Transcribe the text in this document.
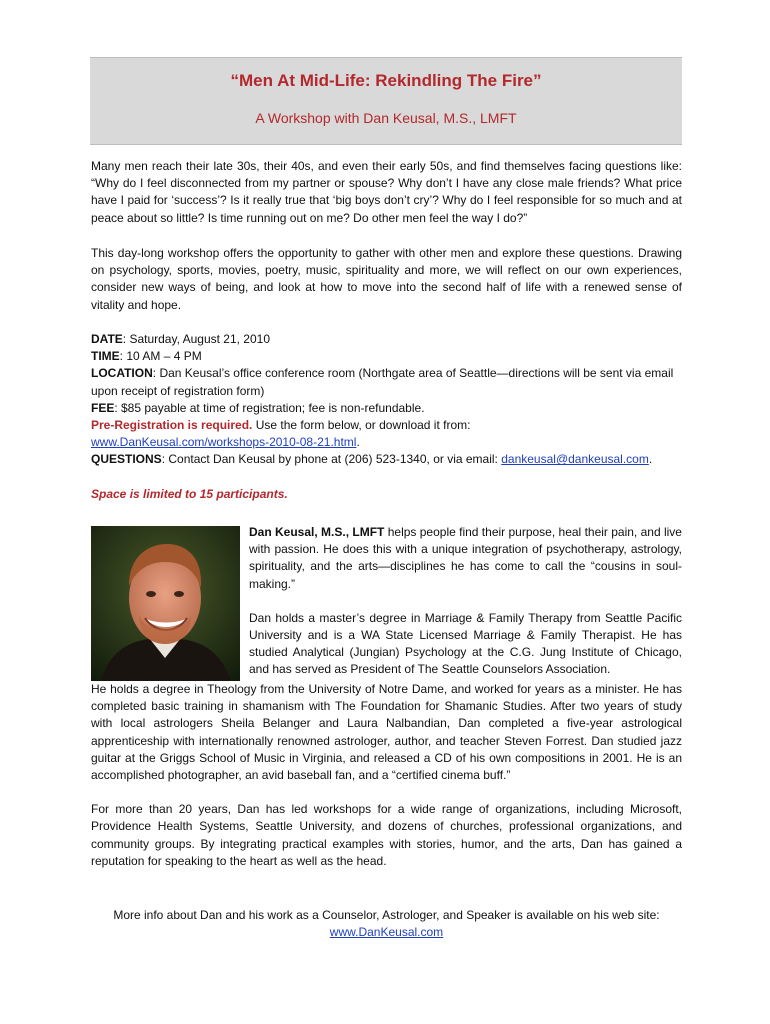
“Men At Mid-Life: Rekindling The Fire”
A Workshop with Dan Keusal, M.S., LMFT

Many men reach their late 30s, their 40s, and even their early 50s, and find themselves facing questions like: “Why do I feel disconnected from my partner or spouse? Why don’t I have any close male friends? What price have I paid for ‘success’? Is it really true that ‘big boys don’t cry’? Why do I feel responsible for so much and at peace about so little? Is time running out on me? Do other men feel the way I do?”

This day-long workshop offers the opportunity to gather with other men and explore these questions. Drawing on psychology, sports, movies, poetry, music, spirituality and more, we will reflect on our own experiences, consider new ways of being, and look at how to move into the second half of life with a renewed sense of vitality and hope.

DATE: Saturday, August 21, 2010
TIME: 10 AM – 4 PM
LOCATION: Dan Keusal’s office conference room (Northgate area of Seattle—directions will be sent via email upon receipt of registration form)
FEE: $85 payable at time of registration; fee is non-refundable.
Pre-Registration is required. Use the form below, or download it from:
www.DanKeusal.com/workshops-2010-08-21.html.
QUESTIONS: Contact Dan Keusal by phone at (206) 523-1340, or via email: dankeusal@dankeusal.com.
Space is limited to 15 participants.

Dan Keusal, M.S., LMFT helps people find their purpose, heal their pain, and live with passion. He does this with a unique integration of psychotherapy, astrology, spirituality, and the arts—disciplines he has come to call the “cousins in soul-making.”

Dan holds a master’s degree in Marriage & Family Therapy from Seattle Pacific University and is a WA State Licensed Marriage & Family Therapist. He has studied Analytical (Jungian) Psychology at the C.G. Jung Institute of Chicago, and has served as President of The Seattle Counselors Association.

He holds a degree in Theology from the University of Notre Dame, and worked for years as a minister. He has completed basic training in shamanism with The Foundation for Shamanic Studies. After two years of study with local astrologers Sheila Belanger and Laura Nalbandian, Dan completed a five-year astrological apprenticeship with internationally renowned astrologer, author, and teacher Steven Forrest. Dan studied jazz guitar at the Griggs School of Music in Virginia, and released a CD of his own compositions in 2001. He is an accomplished photographer, an avid baseball fan, and a “certified cinema buff.”

For more than 20 years, Dan has led workshops for a wide range of organizations, including Microsoft, Providence Health Systems, Seattle University, and dozens of churches, professional organizations, and community groups. By integrating practical examples with stories, humor, and the arts, Dan has gained a reputation for speaking to the heart as well as the head.

More info about Dan and his work as a Counselor, Astrologer, and Speaker is available on his web site:
www.DanKeusal.com
